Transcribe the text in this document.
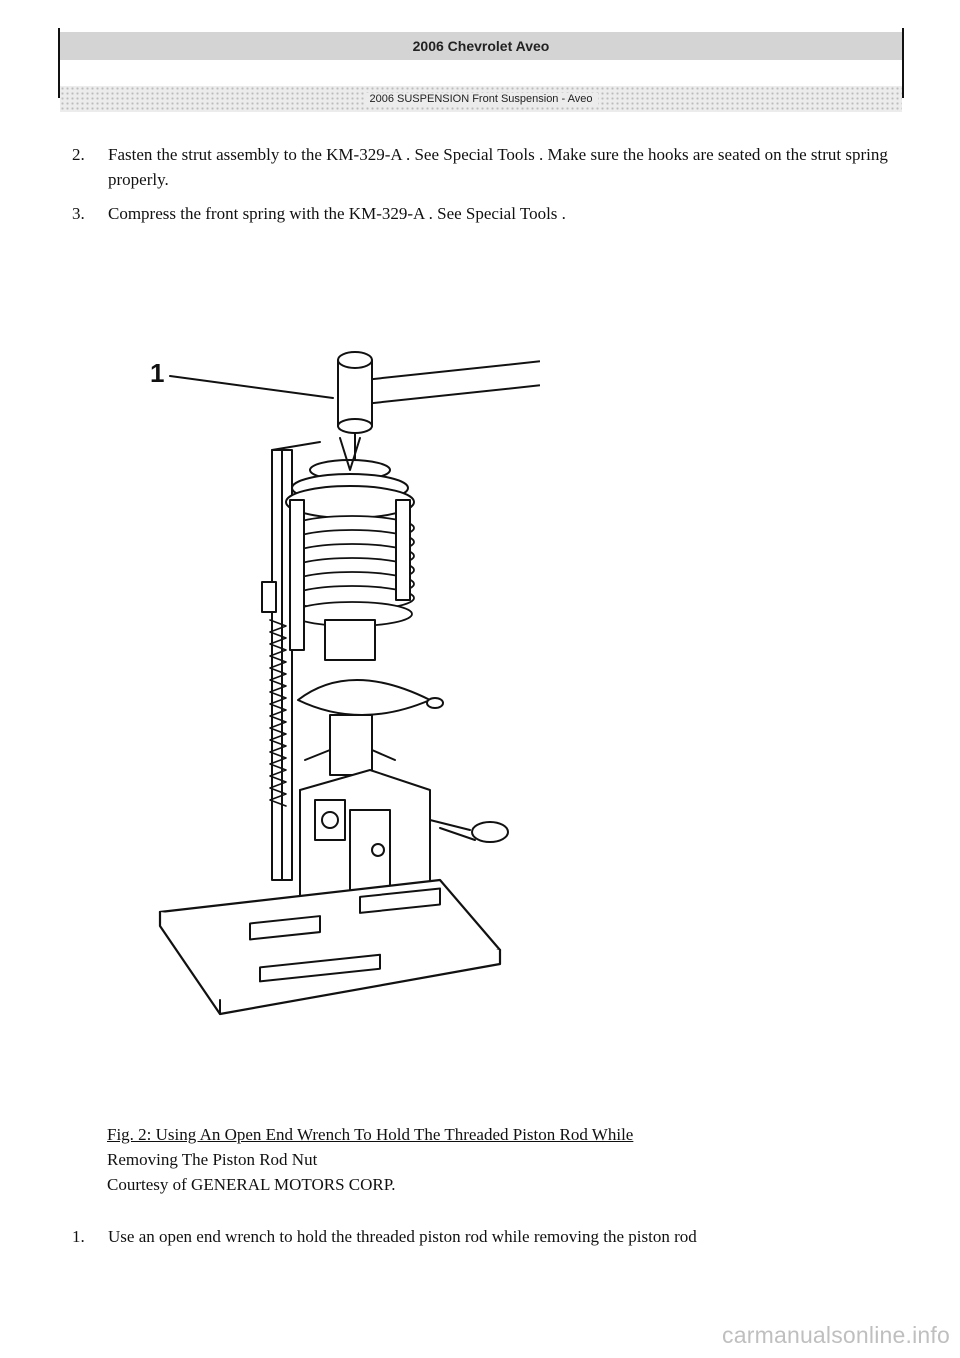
2006 Chevrolet Aveo
2006 SUSPENSION Front Suspension - Aveo
2. Fasten the strut assembly to the KM-329-A . See Special Tools . Make sure the hooks are seated on the strut spring properly.
3. Compress the front spring with the KM-329-A . See Special Tools .
1
Fig. 2: Using An Open End Wrench To Hold The Threaded Piston Rod While
Removing The Piston Rod Nut
Courtesy of GENERAL MOTORS CORP.
1. Use an open end wrench to hold the threaded piston rod while removing the piston rod
carmanualsonline.info
